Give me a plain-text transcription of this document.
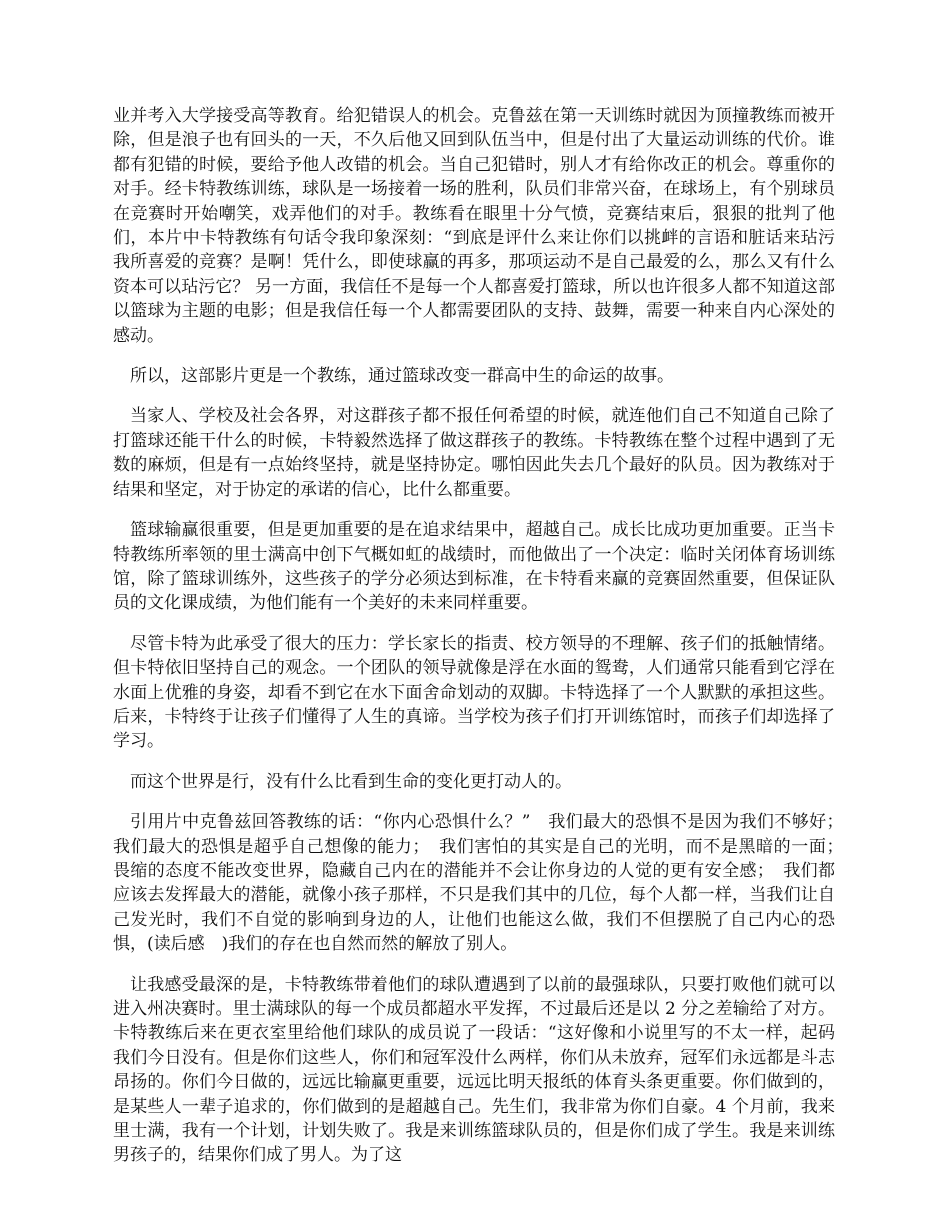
业并考入大学接受高等教育。给犯错误人的机会。克鲁兹在第一天训练时就因为顶撞教练而被开除，但是浪子也有回头的一天，不久后他又回到队伍当中，但是付出了大量运动训练的代价。谁都有犯错的时候，要给予他人改错的机会。当自己犯错时，别人才有给你改正的机会。尊重你的对手。经卡特教练训练，球队是一场接着一场的胜利，队员们非常兴奋，在球场上，有个别球员在竞赛时开始嘲笑，戏弄他们的对手。教练看在眼里十分气愤，竞赛结束后，狠狠的批判了他们，本片中卡特教练有句话令我印象深刻：“到底是评什么来让你们以挑衅的言语和脏话来玷污我所喜爱的竞赛？是啊！凭什么，即使球赢的再多，那项运动不是自己最爱的么，那么又有什么资本可以玷污它？ 另一方面，我信任不是每一个人都喜爱打篮球，所以也许很多人都不知道这部以篮球为主题的电影；但是我信任每一个人都需要团队的支持、鼓舞，需要一种来自内心深处的感动。

所以，这部影片更是一个教练，通过篮球改变一群高中生的命运的故事。

当家人、学校及社会各界，对这群孩子都不报任何希望的时候，就连他们自己不知道自己除了打篮球还能干什么的时候，卡特毅然选择了做这群孩子的教练。卡特教练在整个过程中遇到了无数的麻烦，但是有一点始终坚持，就是坚持协定。哪怕因此失去几个最好的队员。因为教练对于结果和坚定，对于协定的承诺的信心，比什么都重要。

篮球输赢很重要，但是更加重要的是在追求结果中，超越自己。成长比成功更加重要。正当卡特教练所率领的里士满高中创下气概如虹的战绩时，而他做出了一个决定：临时关闭体育场训练馆，除了篮球训练外，这些孩子的学分必须达到标准，在卡特看来赢的竞赛固然重要，但保证队员的文化课成绩，为他们能有一个美好的未来同样重要。

尽管卡特为此承受了很大的压力：学长家长的指责、校方领导的不理解、孩子们的抵触情绪。但卡特依旧坚持自己的观念。一个团队的领导就像是浮在水面的鸳鸯，人们通常只能看到它浮在水面上优雅的身姿，却看不到它在水下面舍命划动的双脚。卡特选择了一个人默默的承担这些。后来，卡特终于让孩子们懂得了人生的真谛。当学校为孩子们打开训练馆时，而孩子们却选择了学习。

而这个世界是行，没有什么比看到生命的变化更打动人的。

引用片中克鲁兹回答教练的话：“你内心恐惧什么？”　我们最大的恐惧不是因为我们不够好；　我们最大的恐惧是超乎自己想像的能力；　我们害怕的其实是自己的光明，而不是黑暗的一面；　畏缩的态度不能改变世界，隐藏自己内在的潜能并不会让你身边的人觉的更有安全感；　我们都应该去发挥最大的潜能，就像小孩子那样，不只是我们其中的几位，每个人都一样，当我们让自己发光时，我们不自觉的影响到身边的人，让他们也能这么做，我们不但摆脱了自己内心的恐惧，(读后感　)我们的存在也自然而然的解放了别人。

让我感受最深的是，卡特教练带着他们的球队遭遇到了以前的最强球队，只要打败他们就可以进入州决赛时。里士满球队的每一个成员都超水平发挥，不过最后还是以 2 分之差输给了对方。卡特教练后来在更衣室里给他们球队的成员说了一段话：“这好像和小说里写的不太一样，起码我们今日没有。但是你们这些人，你们和冠军没什么两样，你们从未放弃，冠军们永远都是斗志昂扬的。你们今日做的，远远比输赢更重要，远远比明天报纸的体育头条更重要。你们做到的，是某些人一辈子追求的，你们做到的是超越自己。先生们，我非常为你们自豪。4 个月前，我来里士满，我有一个计划，计划失败了。我是来训练篮球队员的，但是你们成了学生。我是来训练男孩子的，结果你们成了男人。为了这
